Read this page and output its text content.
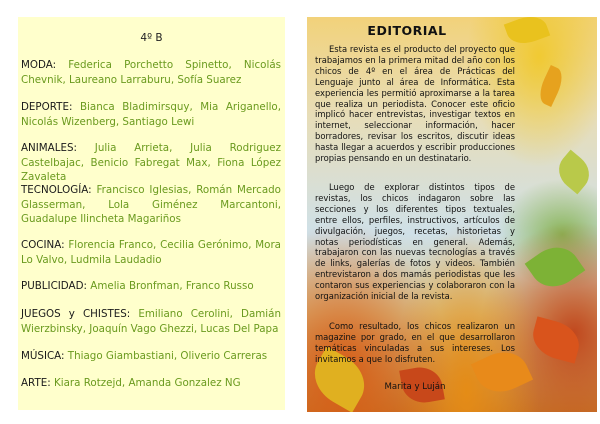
4º B
MODA: Federica Porchetto Spinetto, Nicolás Chevnik, Laureano Larraburu, Sofía Suarez
DEPORTE: Bianca Bladimirsquy, Mia Ariganello, Nicolás Wizenberg, Santiago Lewi
ANIMALES: Julia Arrieta, Julia Rodriguez Castelbajac, Benicio Fabregat Max, Fiona López Zavaleta
TECNOLOGÍA: Francisco Iglesias, Román Mercado Glasserman, Lola Giménez Marcantoni, Guadalupe Ilincheta Magariños
COCINA: Florencia Franco, Cecilia Gerónimo, Mora Lo Valvo, Ludmila Laudadio
PUBLICIDAD: Amelia Bronfman, Franco Russo
JUEGOS y CHISTES: Emiliano Cerolini, Damián Wierzbinsky, Joaquín Vago Ghezzi, Lucas Del Papa
MÚSICA: Thiago Giambastiani, Oliverio Carreras
ARTE: Kiara Rotzejd, Amanda Gonzalez NG
EDITORIAL
Esta revista es el producto del proyecto que trabajamos en la primera mitad del año con los chicos de 4º en el área de Prácticas del Lenguaje junto al área de Informática. Esta experiencia les permitió aproximarse a la tarea que realiza un periodista. Conocer este oficio implicó hacer entrevistas, investigar textos en internet, seleccionar información, hacer borradores, revisar los escritos, discutir ideas hasta llegar a acuerdos y escribir producciones propias pensando en un destinatario.
Luego de explorar distintos tipos de revistas, los chicos indagaron sobre las secciones y los diferentes tipos textuales, entre ellos, perfiles, instructivos, artículos de divulgación, juegos, recetas, historietas y notas periodísticas en general. Además, trabajaron con las nuevas tecnologías a través de links, galerías de fotos y videos. También entrevistaron a dos mamás periodistas que les contaron sus experiencias y colaboraron con la organización inicial de la revista.
Como resultado, los chicos realizaron un magazine por grado, en el que desarrollaron temáticas vinculadas a sus intereses. Los invitamos a que lo disfruten.
Marita y Luján
